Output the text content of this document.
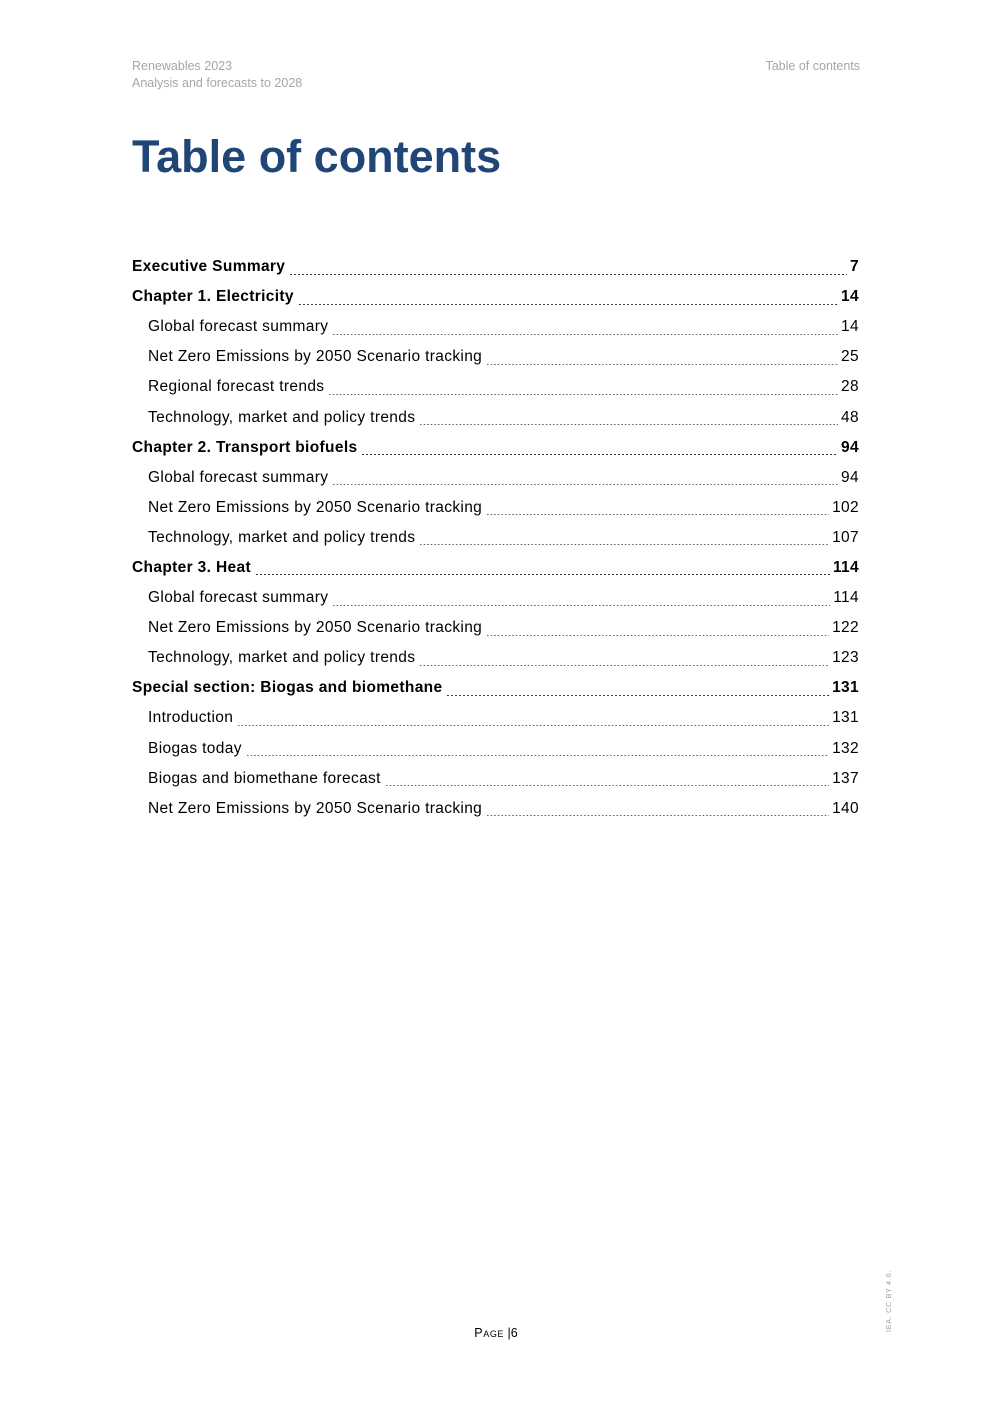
Renewables 2023
Analysis and forecasts to 2028
Table of contents
Table of contents
Executive Summary	7
Chapter 1. Electricity	14
Global forecast summary	14
Net Zero Emissions by 2050 Scenario tracking	25
Regional forecast trends	28
Technology, market and policy trends	48
Chapter 2. Transport biofuels	94
Global forecast summary	94
Net Zero Emissions by 2050 Scenario tracking	102
Technology, market and policy trends	107
Chapter 3. Heat	114
Global forecast summary	114
Net Zero Emissions by 2050 Scenario tracking	122
Technology, market and policy trends	123
Special section: Biogas and biomethane	131
Introduction	131
Biogas today	132
Biogas and biomethane forecast	137
Net Zero Emissions by 2050 Scenario tracking	140
Page |6
IEA. CC BY 4.0.
